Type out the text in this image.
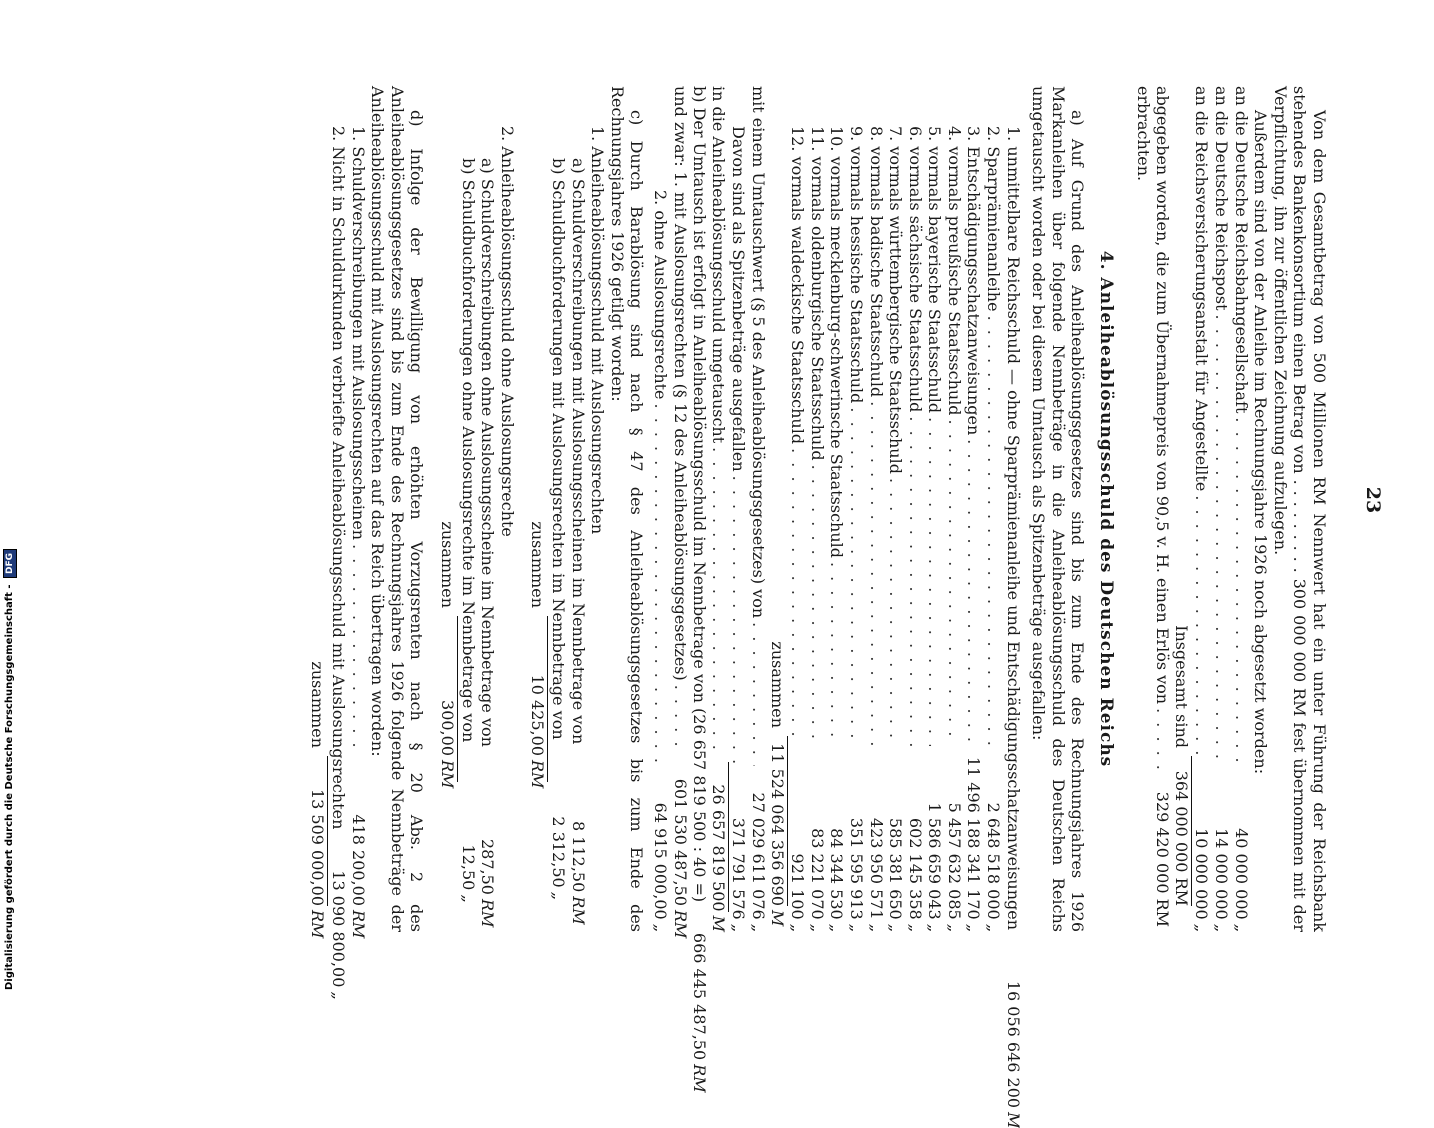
23

Von dem Gesamtbetrag von 500 Millionen RM Nennwert hat ein unter Führung der Reichsbank stehendes Bankenkonsortium einen Betrag von . . . . . . . . . 300 000 000 RM fest übernommen mit der Verpflichtung, ihn zur öffentlichen Zeichnung aufzulegen.

Außerdem sind von der Anleihe im Rechnungsjahre 1926 noch abgesetzt worden:

an die Deutsche Reichsbahngesellschaft
. . .
40 000 000
„
an die Deutsche Reichspost
. . .
14 000 000
„
an die Reichsversicherungsanstalt für Angestellte
. . .
10 000 000
„
Insgesamt sind
364 000 000 RM
abgegeben worden, die zum Übernahmepreis von 90,5 v. H. einen Erlös von
. . .
329 420 000 RM
erbrachten.
4. Anleiheablösungsschuld des Deutschen Reichs

a) Auf Grund des Anleiheablösungsgesetzes sind bis zum Ende des Rechnungsjahres 1926 Markanleihen über folgende Nennbeträge in die Anleiheablösungsschuld des Deutschen Reichs umgetauscht worden oder bei diesem Umtausch als Spitzenbeträge ausgefallen:

1. unmittelbare Reichsschuld — ohne Sparprämienanleihe und Entschädigungsschatzanweisungen
16 056 646 200
M
2. Sparprämienanleihe
. . .
2 648 518 000
„
3. Entschädigungsschatzanweisungen
. . .
11 496 188 341 170
„
4. vormals preußische Staatsschuld
. . .
5 457 632 085
„
5. vormals bayerische Staatsschuld
. . .
1 586 659 043
„
6. vormals sächsische Staatsschuld
. . .
602 145 358
„
7. vormals württembergische Staatsschuld
. . .
585 381 650
„
8. vormals badische Staatsschuld
. . .
423 950 571
„
9. vormals hessische Staatsschuld
. . .
351 595 913
„
10. vormals mecklenburg-schwerinsche Staatsschuld
. . .
84 344 530
„
11. vormals oldenburgische Staatsschuld
. . .
83 221 070
„
12. vormals waldeckische Staatsschuld
. . .
921 100
„
zusammen
11 524 064 356 690
M
mit einem Umtauschwert (§ 5 des Anleiheablösungsgesetzes) von
. . .
27 029 611 076
„
Davon sind als Spitzenbeträge ausgefallen
. . .
371 791 576
„
in die Anleiheablösungsschuld umgetauscht
. . .
26 657 819 500
M
b) Der Umtausch ist erfolgt in Anleiheablösungsschuld im Nennbetrage von (26 657 819 500 : 40 =)
666 445 487,50
RM
und zwar: 1. mit Auslosungsrechten (§ 12 des Anleiheablösungsgesetzes)
. . .
601 530 487,50
RM
2. ohne Auslosungsrechte
. . .
64 915 000,00
„

c) Durch Barablösung sind nach § 47 des Anleiheablösungsgesetzes bis zum Ende des Rechnungsjahres 1926 getilgt worden:

1. Anleiheablösungsschuld mit Auslosungsrechten
a) Schuldverschreibungen mit Auslosungsscheinen im Nennbetrage von
8 112,50
RM
b) Schuldbuchforderungen mit Auslosungsrechten im Nennbetrage von
2 312,50
„
zusammen
10 425,00
RM
2. Anleiheablösungsschuld ohne Auslosungsrechte
a) Schuldverschreibungen ohne Auslosungsscheine im Nennbetrage von
287,50
RM
b) Schuldbuchforderungen ohne Auslosungsrechte im Nennbetrage von
12,50
„
zusammen
300,00
RM

d) Infolge der Bewilligung von erhöhten Vorzugsrenten nach § 20 Abs. 2 des Anleiheablösungsgesetzes sind bis zum Ende des Rechnungsjahres 1926 folgende Nennbeträge der Anleiheablösungsschuld mit Auslosungsrechten auf das Reich übertragen worden:

1. Schuldverschreibungen mit Auslosungsscheinen
. . .
418 200,00
RM
2. Nicht in Schuldurkunden verbriefte Anleiheablösungsschuld mit Auslosungsrechten
13 090 800,00
„
zusammen
13 509 000,00
RM
Digitalisierung gefördert durch die Deutsche Forschungsgemeinschaft - DFG
